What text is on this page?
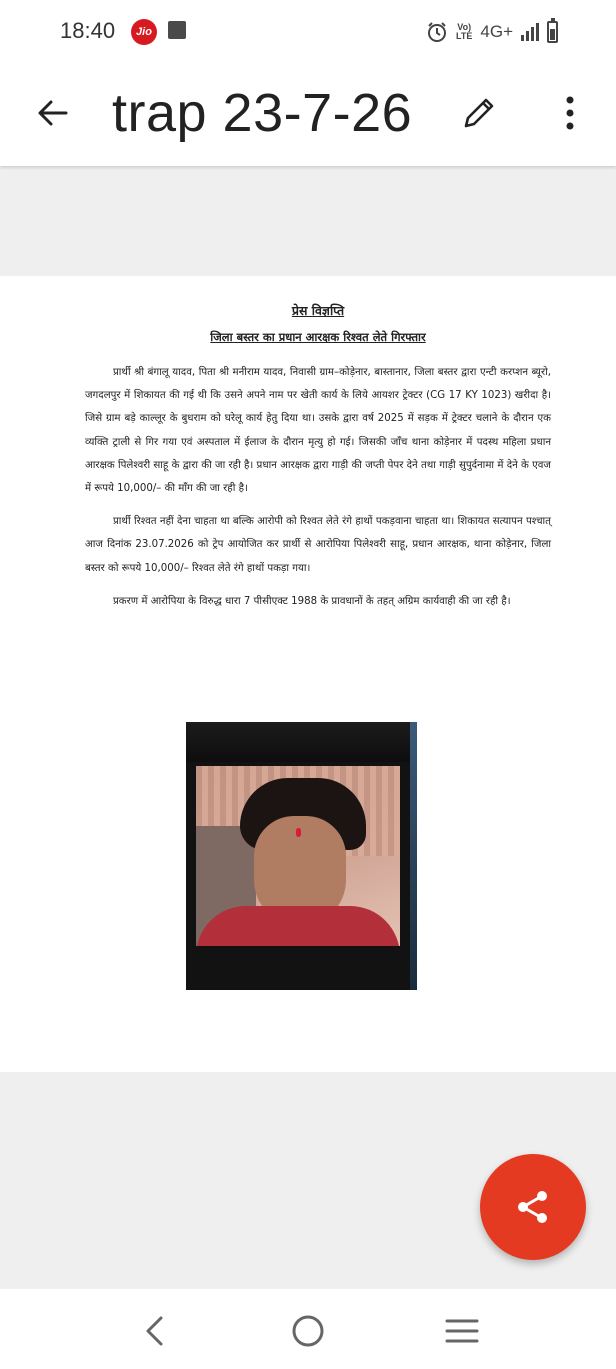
18:40	Jio	Vo)
LTE 4G+
trap 23-7-26
प्रेस विज्ञप्ति
जिला बस्तर का प्रधान आरक्षक रिश्वत लेते गिरफ्तार

प्रार्थी श्री बंगालू यादव, पिता श्री मनीराम यादव, निवासी ग्राम–कोड़ेनार, बास्तानार, जिला बस्तर द्वारा एन्टी करप्शन ब्यूरो, जगदलपुर में शिकायत की गई थी कि उसने अपने नाम पर खेती कार्य के लिये आयशर ट्रेक्टर (CG 17 KY 1023) खरीदा है। जिसे ग्राम बड़े काल्लूर के बुधराम को घरेलू कार्य हेतु दिया था। उसके द्वारा वर्ष 2025 में सड़क में ट्रेक्टर चलाने के दौरान एक व्यक्ति ट्राली से गिर गया एवं अस्पताल में ईलाज के दौरान मृत्यु हो गई। जिसकी जाँच थाना कोड़ेनार में पदस्थ महिला प्रधान आरक्षक पिलेश्वरी साहू के द्वारा की जा रही है। प्रधान आरक्षक द्वारा गाड़ी की जप्ती पेपर देने तथा गाड़ी सुपुर्दनामा में देने के एवज में रूपये 10,000/– की मॉंग की जा रही है।

प्रार्थी रिश्वत नहीं देना चाहता था बल्कि आरोपी को रिश्वत लेते रंगे हाथों पकड़वाना चाहता था। शिकायत सत्यापन पश्चात् आज दिनांक 23.07.2026 को ट्रेप आयोजित कर प्रार्थी से आरोपिया पिलेश्वरी साहू, प्रधान आरक्षक, थाना कोड़ेनार, जिला बस्तर को रूपये 10,000/– रिश्वत लेते रंगे हाथों पकड़ा गया।

प्रकरण में आरोपिया के विरुद्ध धारा 7 पीसीएक्ट 1988 के प्रावधानों के तहत् अग्रिम कार्यवाही की जा रही है।
